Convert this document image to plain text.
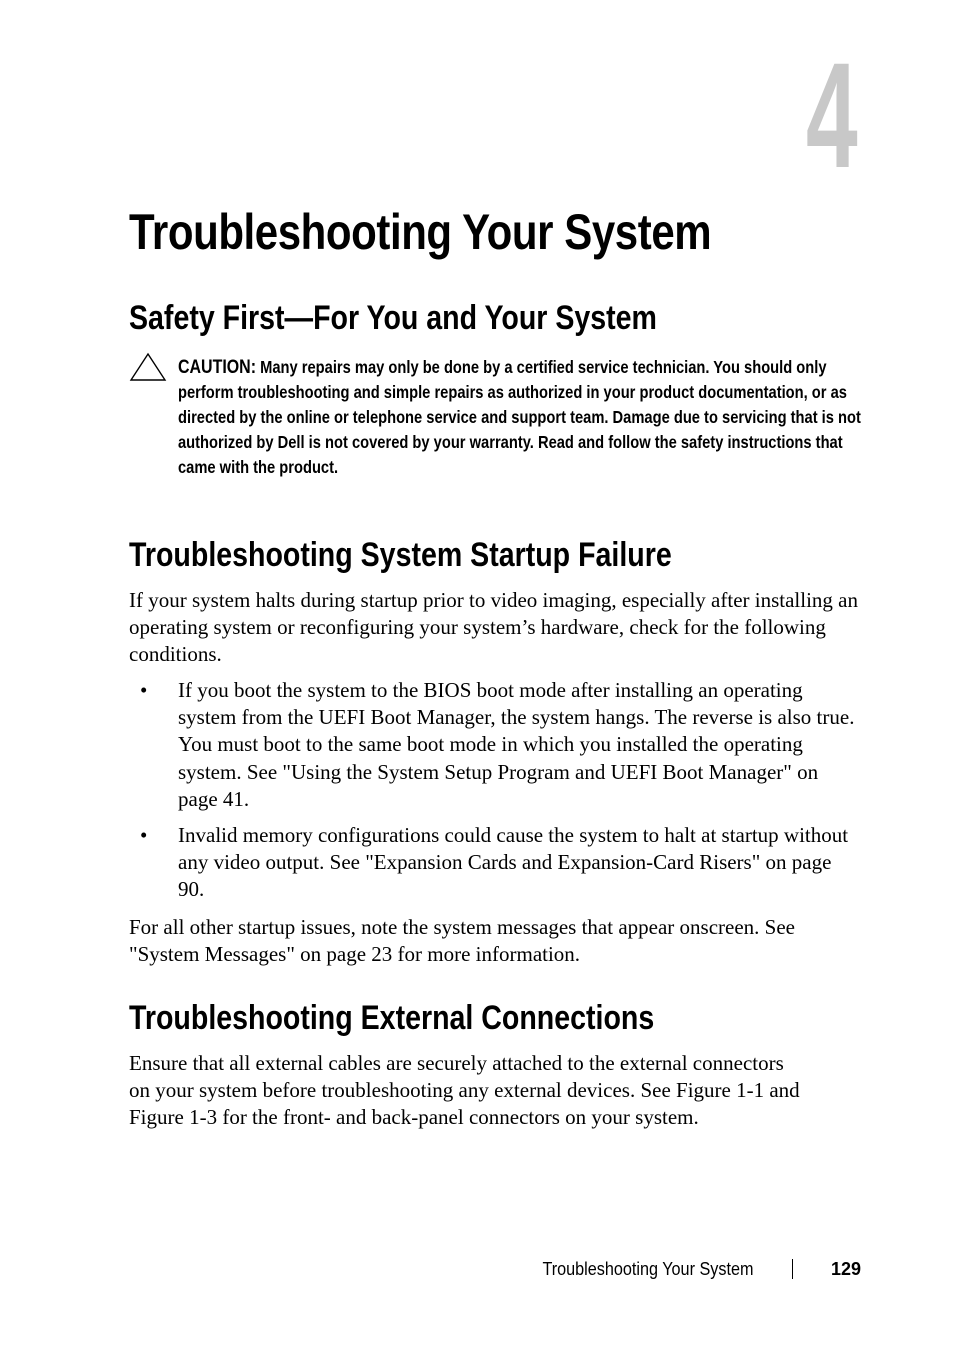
4
Troubleshooting Your System
Safety First—For You and Your System

CAUTION: Many repairs may only be done by a certified service technician. You should only perform troubleshooting and simple repairs as authorized in your product documentation, or as directed by the online or telephone service and support team. Damage due to servicing that is not authorized by Dell is not covered by your warranty. Read and follow the safety instructions that came with the product.

Troubleshooting System Startup Failure

If your system halts during startup prior to video imaging, especially after installing an operating system or reconfiguring your system’s hardware, check for the following conditions.

• If you boot the system to the BIOS boot mode after installing an operating system from the UEFI Boot Manager, the system hangs. The reverse is also true. You must boot to the same boot mode in which you installed the operating system. See "Using the System Setup Program and UEFI Boot Manager" on page 41.
• Invalid memory configurations could cause the system to halt at startup without any video output. See "Expansion Cards and Expansion-Card Risers" on page 90.

For all other startup issues, note the system messages that appear onscreen. See "System Messages" on page 23 for more information.

Troubleshooting External Connections

Ensure that all external cables are securely attached to the external connectors on your system before troubleshooting any external devices. See Figure 1-1 and Figure 1-3 for the front- and back-panel connectors on your system.

Troubleshooting Your System	129
